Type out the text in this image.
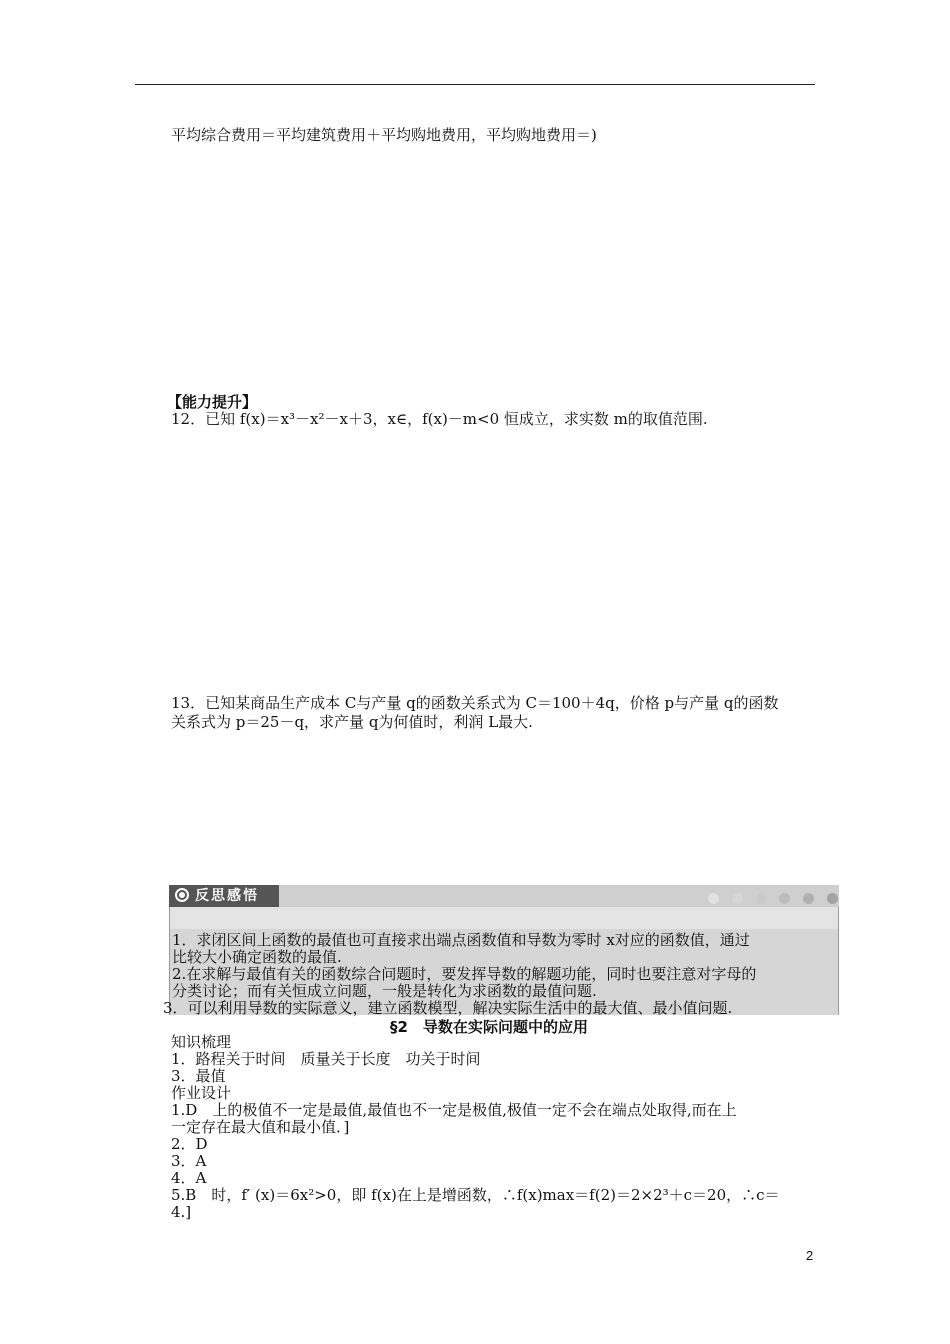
平均综合费用＝平均建筑费用＋平均购地费用，平均购地费用＝)
【能力提升】
12．已知 f(x)＝x³－x²－x＋3，x∈，f(x)－m<0 恒成立，求实数 m的取值范围.
13．已知某商品生产成本 C与产量 q的函数关系式为 C＝100＋4q，价格 p与产量 q的函数
关系式为 p＝25－q，求产量 q为何值时，利润 L最大.
反思感悟

1．求闭区间上函数的最值也可直接求出端点函数值和导数为零时 x对应的函数值，通过
比较大小确定函数的最值.
2.在求解与最值有关的函数综合问题时，要发挥导数的解题功能，同时也要注意对字母的
分类讨论；而有关恒成立问题，一般是转化为求函数的最值问题.
3．可以利用导数的实际意义，建立函数模型，解决实际生活中的最大值、最小值问题.
§2　导数在实际问题中的应用
知识梳理
1．路程关于时间　质量关于长度　功关于时间
3．最值
作业设计
1.D　上的极值不一定是最值,最值也不一定是极值,极值一定不会在端点处取得,而在上
一定存在最大值和最小值．]
2．D
3．A
4．A
5.B　时，f′ (x)＝6x²>0，即 f(x)在上是增函数，∴f(x)max＝f(2)＝2×2³＋c＝20，∴c＝
4.]
2
